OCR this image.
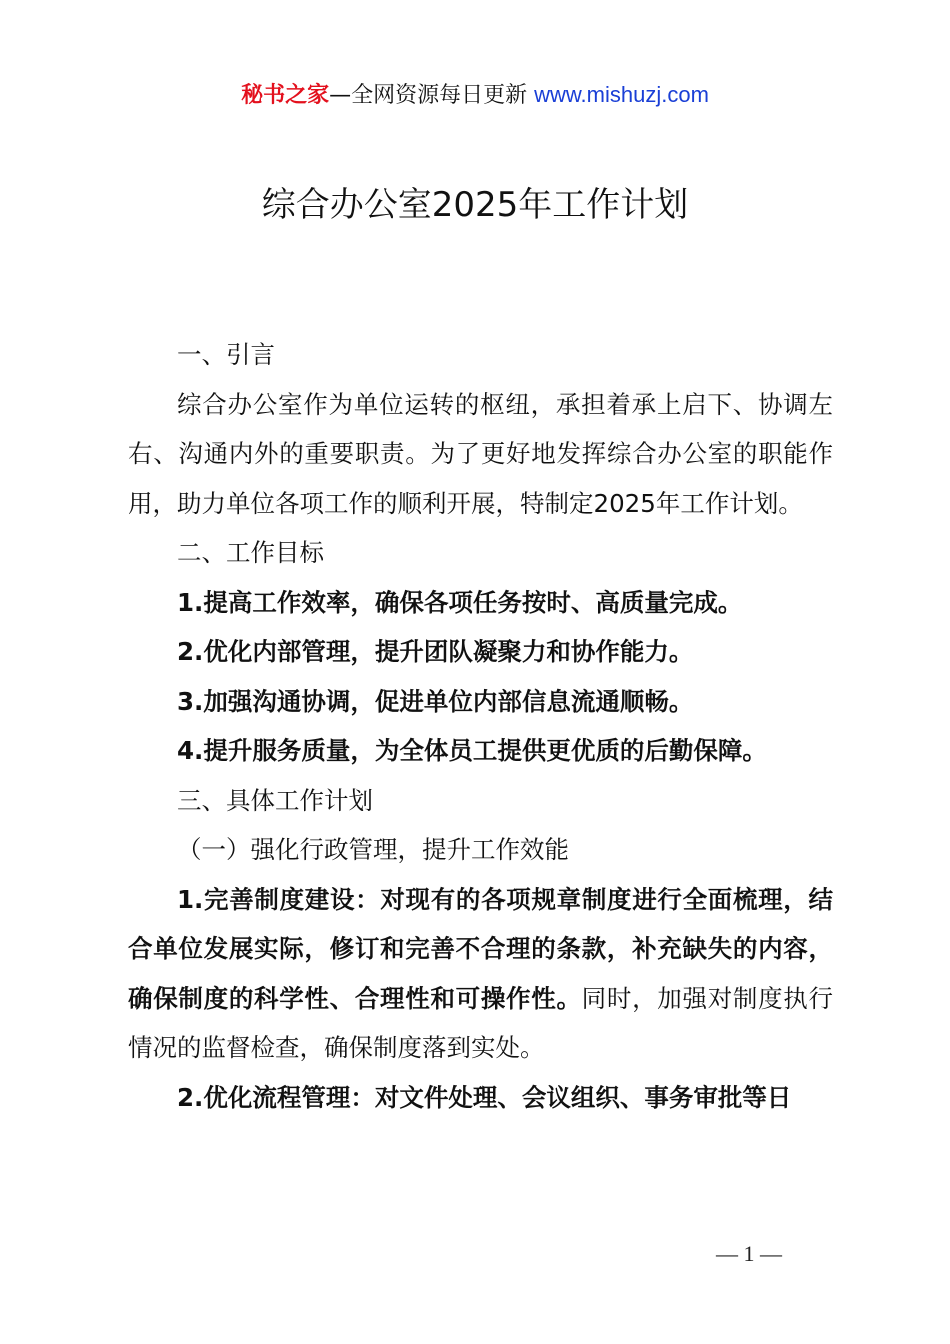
秘书之家—全网资源每日更新 www.mishuzj.com
综合办公室2025年工作计划

一、引言

综合办公室作为单位运转的枢纽，承担着承上启下、协调左右、沟通内外的重要职责。为了更好地发挥综合办公室的职能作用，助力单位各项工作的顺利开展，特制定2025年工作计划。

二、工作目标

1.提高工作效率，确保各项任务按时、高质量完成。

2.优化内部管理，提升团队凝聚力和协作能力。

3.加强沟通协调，促进单位内部信息流通顺畅。

4.提升服务质量，为全体员工提供更优质的后勤保障。

三、具体工作计划

（一）强化行政管理，提升工作效能

1.完善制度建设：对现有的各项规章制度进行全面梳理，结合单位发展实际，修订和完善不合理的条款，补充缺失的内容，确保制度的科学性、合理性和可操作性。同时，加强对制度执行情况的监督检查，确保制度落到实处。

2.优化流程管理：对文件处理、会议组织、事务审批等日

— 1 —
